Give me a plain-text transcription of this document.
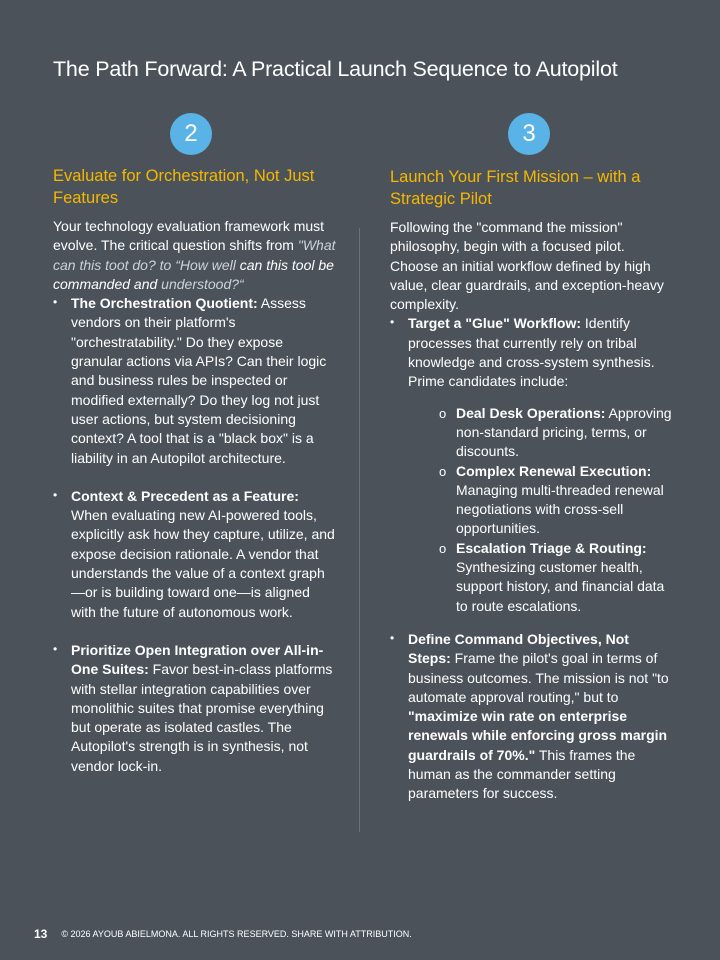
The Path Forward: A Practical Launch Sequence to Autopilot
2	3
Evaluate for Orchestration, Not Just Features
Your technology evaluation framework must evolve. The critical question shifts from "What can this toot do? to “How well can this tool be commanded and understood?“
• The Orchestration Quotient: Assess vendors on their platform's "orchestratability." Do they expose granular actions via APIs? Can their logic and business rules be inspected or modified externally? Do they log not just user actions, but system decisioning context? A tool that is a "black box" is a liability in an Autopilot architecture.
• Context & Precedent as a Feature: When evaluating new AI-powered tools, explicitly ask how they capture, utilize, and expose decision rationale. A vendor that understands the value of a context graph—or is building toward one—is aligned with the future of autonomous work.
• Prioritize Open Integration over All-in-One Suites: Favor best-in-class platforms with stellar integration capabilities over monolithic suites that promise everything but operate as isolated castles. The Autopilot's strength is in synthesis, not vendor lock-in.
Launch Your First Mission – with a Strategic Pilot
Following the "command the mission" philosophy, begin with a focused pilot. Choose an initial workflow defined by high value, clear guardrails, and exception-heavy complexity.
• Target a "Glue" Workflow: Identify processes that currently rely on tribal knowledge and cross-system synthesis. Prime candidates include:
o Deal Desk Operations: Approving non-standard pricing, terms, or discounts.
o Complex Renewal Execution: Managing multi-threaded renewal negotiations with cross-sell opportunities.
o Escalation Triage & Routing: Synthesizing customer health, support history, and financial data to route escalations.
• Define Command Objectives, Not Steps: Frame the pilot's goal in terms of business outcomes. The mission is not "to automate approval routing," but to "maximize win rate on enterprise renewals while enforcing gross margin guardrails of 70%." This frames the human as the commander setting parameters for success.
13 © 2026 AYOUB ABIELMONA. ALL RIGHTS RESERVED. SHARE WITH ATTRIBUTION.
